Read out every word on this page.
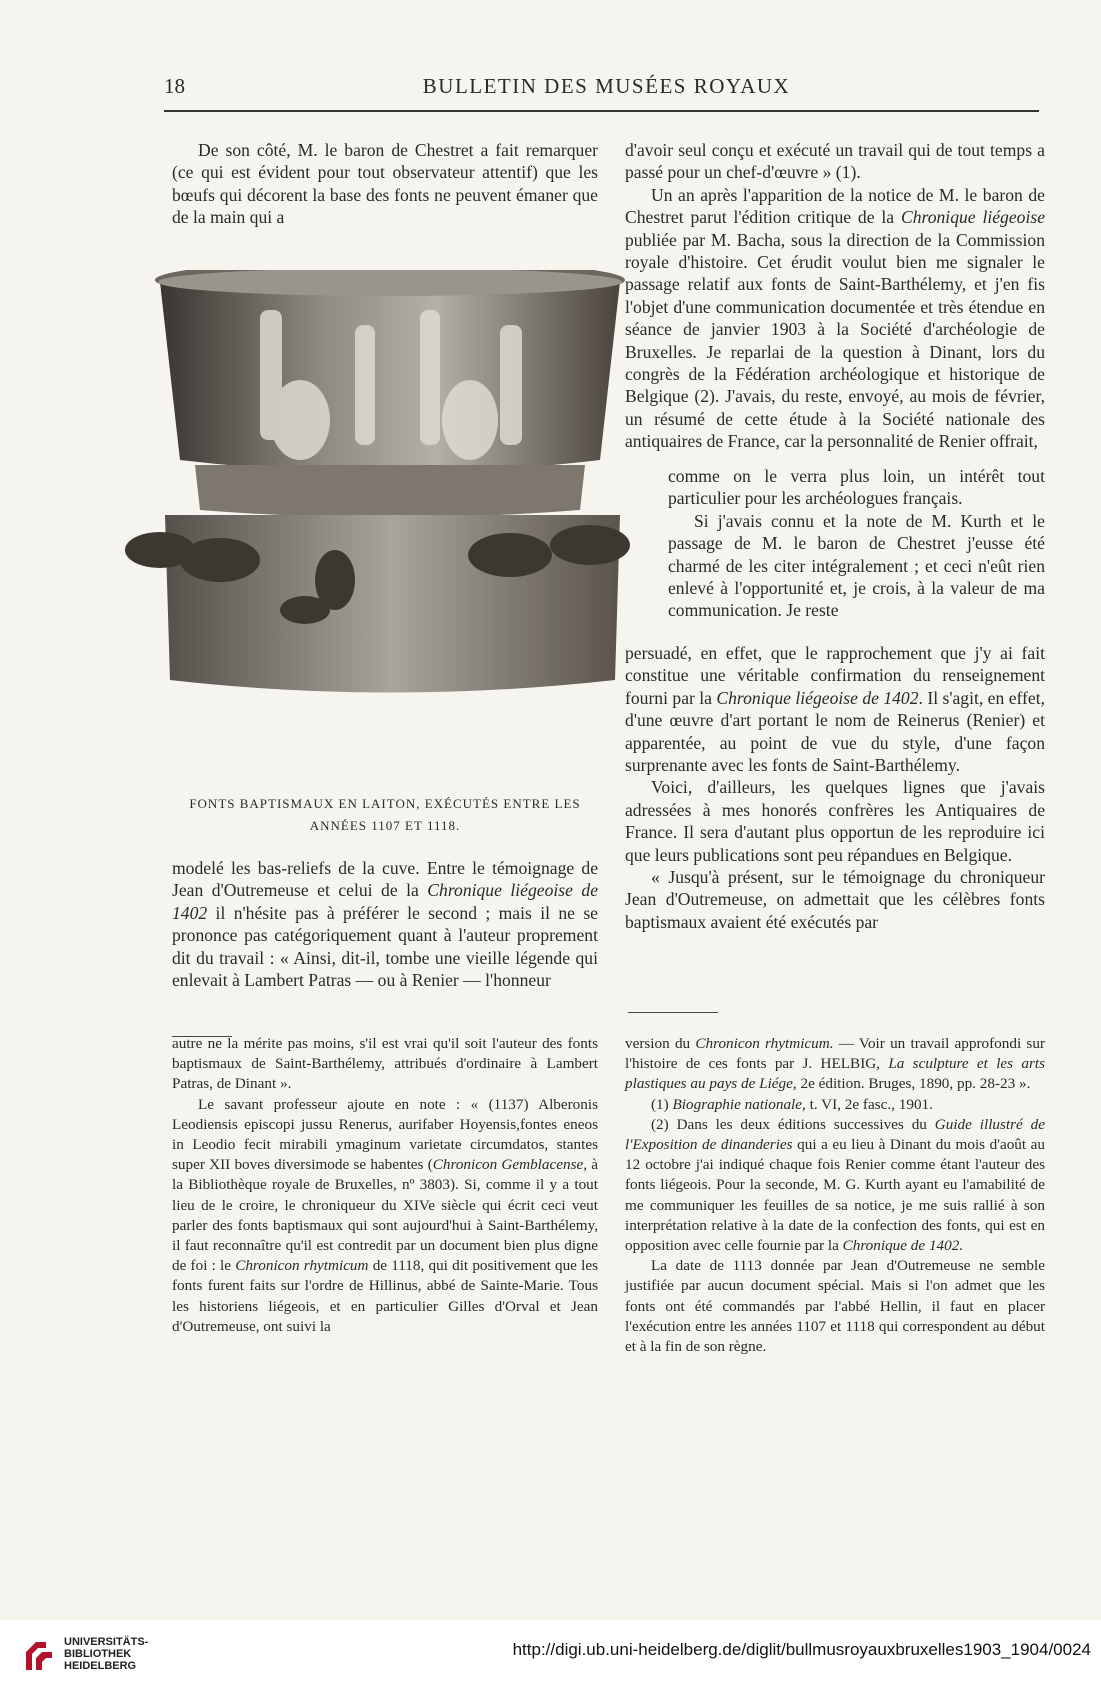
18	BULLETIN DES MUSÉES ROYAUX

De son côté, M. le baron de Chestret a fait remarquer (ce qui est évident pour tout observateur attentif) que les bœufs qui décorent la base des fonts ne peuvent émaner que de la main qui a

FONTS BAPTISMAUX EN LAITON, EXÉCUTÉS ENTRE LES
ANNÉES 1107 ET 1118.

modelé les bas-reliefs de la cuve. Entre le témoignage de Jean d'Outremeuse et celui de la Chronique liégeoise de 1402 il n'hésite pas à préférer le second ; mais il ne se prononce pas catégoriquement quant à l'auteur proprement dit du travail : « Ainsi, dit-il, tombe une vieille légende qui enlevait à Lambert Patras — ou à Renier — l'honneur

d'avoir seul conçu et exécuté un travail qui de tout temps a passé pour un chef-d'œuvre » (1).

Un an après l'apparition de la notice de M. le baron de Chestret parut l'édition critique de la Chronique liégeoise publiée par M. Bacha, sous la direction de la Commission royale d'histoire. Cet érudit voulut bien me signaler le passage relatif aux fonts de Saint-Barthélemy, et j'en fis l'objet d'une communication documentée et très étendue en séance de janvier 1903 à la Société d'archéologie de Bruxelles. Je reparlai de la question à Dinant, lors du congrès de la Fédération archéologique et historique de Belgique (2). J'avais, du reste, envoyé, au mois de février, un résumé de cette étude à la Société nationale des antiquaires de France, car la personnalité de Renier offrait,

comme on le verra plus loin, un intérêt tout particulier pour les archéologues français.

Si j'avais connu et la note de M. Kurth et le passage de M. le baron de Chestret j'eusse été charmé de les citer intégralement ; et ceci n'eût rien enlevé à l'opportunité et, je crois, à la valeur de ma communication. Je reste

persuadé, en effet, que le rapprochement que j'y ai fait constitue une véritable confirmation du renseignement fourni par la Chronique liégeoise de 1402. Il s'agit, en effet, d'une œuvre d'art portant le nom de Reinerus (Renier) et apparentée, au point de vue du style, d'une façon surprenante avec les fonts de Saint-Barthélemy.

Voici, d'ailleurs, les quelques lignes que j'avais adressées à mes honorés confrères les Antiquaires de France. Il sera d'autant plus opportun de les reproduire ici que leurs publications sont peu répandues en Belgique.

« Jusqu'à présent, sur le témoignage du chroniqueur Jean d'Outremeuse, on admettait que les célèbres fonts baptismaux avaient été exécutés par

autre ne la mérite pas moins, s'il est vrai qu'il soit l'auteur des fonts baptismaux de Saint-Barthélemy, attribués d'ordinaire à Lambert Patras, de Dinant ».

Le savant professeur ajoute en note : « (1137) Alberonis Leodiensis episcopi jussu Renerus, aurifaber Hoyensis,fontes eneos in Leodio fecit mirabili ymaginum varietate circumdatos, stantes super XII boves diversimode se habentes (Chronicon Gemblacense, à la Bibliothèque royale de Bruxelles, nº 3803). Si, comme il y a tout lieu de le croire, le chroniqueur du XIVe siècle qui écrit ceci veut parler des fonts baptismaux qui sont aujourd'hui à Saint-Barthélemy, il faut reconnaître qu'il est contredit par un document bien plus digne de foi : le Chronicon rhytmicum de 1118, qui dit positivement que les fonts furent faits sur l'ordre de Hillinus, abbé de Sainte-Marie. Tous les historiens liégeois, et en particulier Gilles d'Orval et Jean d'Outremeuse, ont suivi la

version du Chronicon rhytmicum. — Voir un travail approfondi sur l'histoire de ces fonts par J. HELBIG, La sculpture et les arts plastiques au pays de Liége, 2e édition. Bruges, 1890, pp. 28-23 ».

(1) Biographie nationale, t. VI, 2e fasc., 1901.

(2) Dans les deux éditions successives du Guide illustré de l'Exposition de dinanderies qui a eu lieu à Dinant du mois d'août au 12 octobre j'ai indiqué chaque fois Renier comme étant l'auteur des fonts liégeois. Pour la seconde, M. G. Kurth ayant eu l'amabilité de me communiquer les feuilles de sa notice, je me suis rallié à son interprétation relative à la date de la confection des fonts, qui est en opposition avec celle fournie par la Chronique de 1402.

La date de 1113 donnée par Jean d'Outremeuse ne semble justifiée par aucun document spécial. Mais si l'on admet que les fonts ont été commandés par l'abbé Hellin, il faut en placer l'exécution entre les années 1107 et 1118 qui correspondent au début et à la fin de son règne.

UNIVERSITÄTS-
BIBLIOTHEK
HEIDELBERG
http://digi.ub.uni-heidelberg.de/diglit/bullmusroyauxbruxelles1903_1904/0024
